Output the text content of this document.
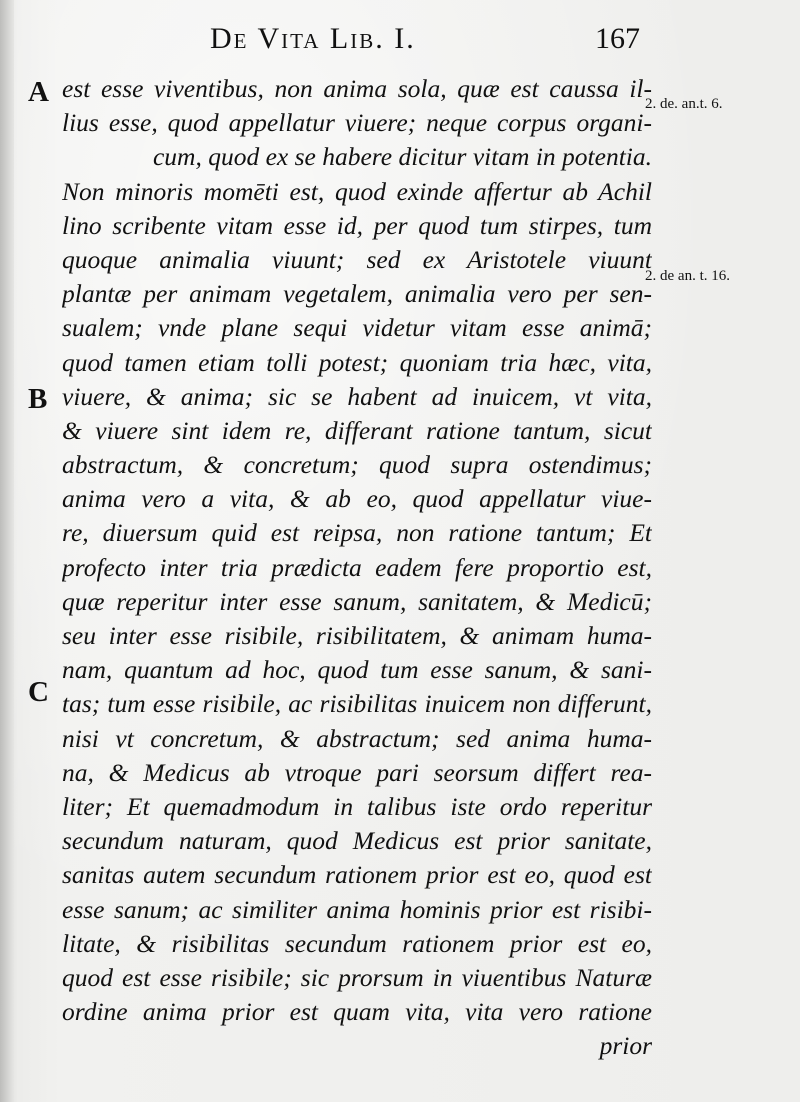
De Vita Lib. I.	167
A
B
C
2. de. an.t. 6.
2. de an. t. 16.
est esse viventibus, non anima sola, quæ est caussa il-
lius esse, quod appellatur viuere; neque corpus organi-
cum, quod ex se habere dicitur vitam in potentia.
Non minoris momēti est, quod exinde affertur ab Achil
lino scribente vitam esse id, per quod tum stirpes, tum
quoque animalia viuunt; sed ex Aristotele viuunt
plantæ per animam vegetalem, animalia vero per sen-
sualem; vnde plane sequi videtur vitam esse animā;
quod tamen etiam tolli potest; quoniam tria hæc, vita,
viuere, & anima; sic se habent ad inuicem, vt vita,
& viuere sint idem re, differant ratione tantum, sicut
abstractum, & concretum; quod supra ostendimus;
anima vero a vita, & ab eo, quod appellatur viue-
re, diuersum quid est reipsa, non ratione tantum; Et
profecto inter tria prædicta eadem fere proportio est,
quæ reperitur inter esse sanum, sanitatem, & Medicū;
seu inter esse risibile, risibilitatem, & animam huma-
nam, quantum ad hoc, quod tum esse sanum, & sani-
tas; tum esse risibile, ac risibilitas inuicem non differunt,
nisi vt concretum, & abstractum; sed anima huma-
na, & Medicus ab vtroque pari seorsum differt rea-
liter; Et quemadmodum in talibus iste ordo reperitur
secundum naturam, quod Medicus est prior sanitate,
sanitas autem secundum rationem prior est eo, quod est
esse sanum; ac similiter anima hominis prior est risibi-
litate, & risibilitas secundum rationem prior est eo,
quod est esse risibile; sic prorsum in viuentibus Naturæ
ordine anima prior est quam vita, vita vero ratione
prior
